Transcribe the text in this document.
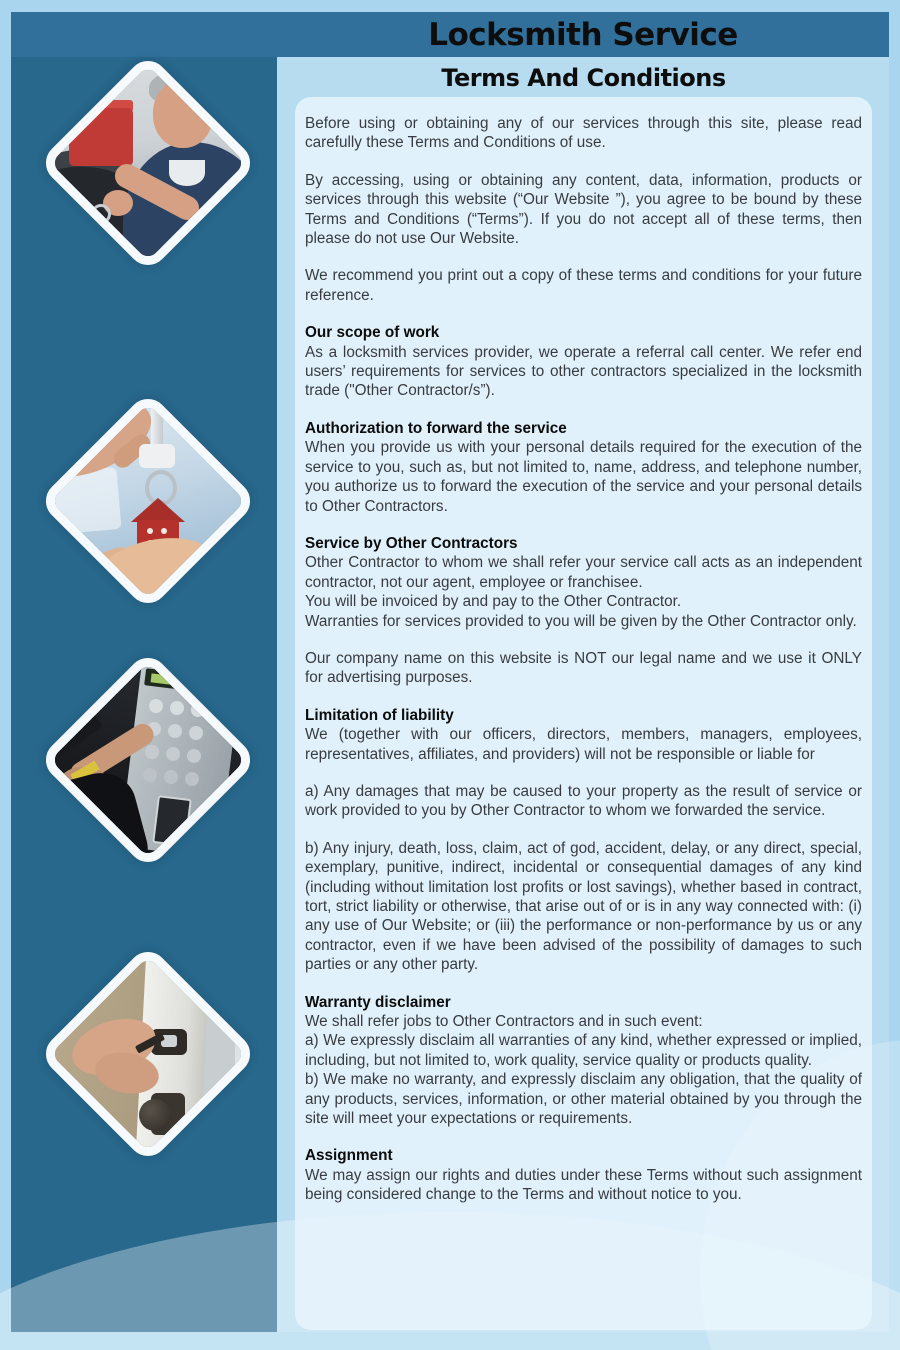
Locksmith Service
Terms And Conditions
Before using or obtaining any of our services through this site, please read carefully these Terms and Conditions of use.
By accessing, using or obtaining any content, data, information, products or services through this website (“Our Website ”), you agree to be bound by these Terms and Conditions (“Terms”). If you do not accept all of these terms, then please do not use Our Website.
We recommend you print out a copy of these terms and conditions for your future reference.
Our scope of work
As a locksmith services provider, we operate a referral call center. We refer end users’ requirements for services to other contractors specialized in the locksmith trade ("Other Contractor/s”).
Authorization to forward the service
When you provide us with your personal details required for the execution of the service to you, such as, but not limited to, name, address, and telephone number, you authorize us to forward the execution of the service and your personal details to Other Contractors.
Service by Other Contractors
Other Contractor to whom we shall refer your service call acts as an independent contractor, not our agent, employee or franchisee.
You will be invoiced by and pay to the Other Contractor.
Warranties for services provided to you will be given by the Other Contractor only.
Our company name on this website is NOT our legal name and we use it ONLY for advertising purposes.
Limitation of liability
We (together with our officers, directors, members, managers, employees, representatives, affiliates, and providers) will not be responsible or liable for
a) Any damages that may be caused to your property as the result of service or work provided to you by Other Contractor to whom we forwarded the service.
b) Any injury, death, loss, claim, act of god, accident, delay, or any direct, special, exemplary, punitive, indirect, incidental or consequential damages of any kind (including without limitation lost profits or lost savings), whether based in contract, tort, strict liability or otherwise, that arise out of or is in any way connected with: (i) any use of Our Website; or (iii) the performance or non-performance by us or any contractor, even if we have been advised of the possibility of damages to such parties or any other party.
Warranty disclaimer
We shall refer jobs to Other Contractors and in such event:
a) We expressly disclaim all warranties of any kind, whether expressed or implied, including, but not limited to, work quality, service quality or products quality.
b) We make no warranty, and expressly disclaim any obligation, that the quality of any products, services, information, or other material obtained by you through the site will meet your expectations or requirements.
Assignment
We may assign our rights and duties under these Terms without such assignment being considered change to the Terms and without notice to you.
